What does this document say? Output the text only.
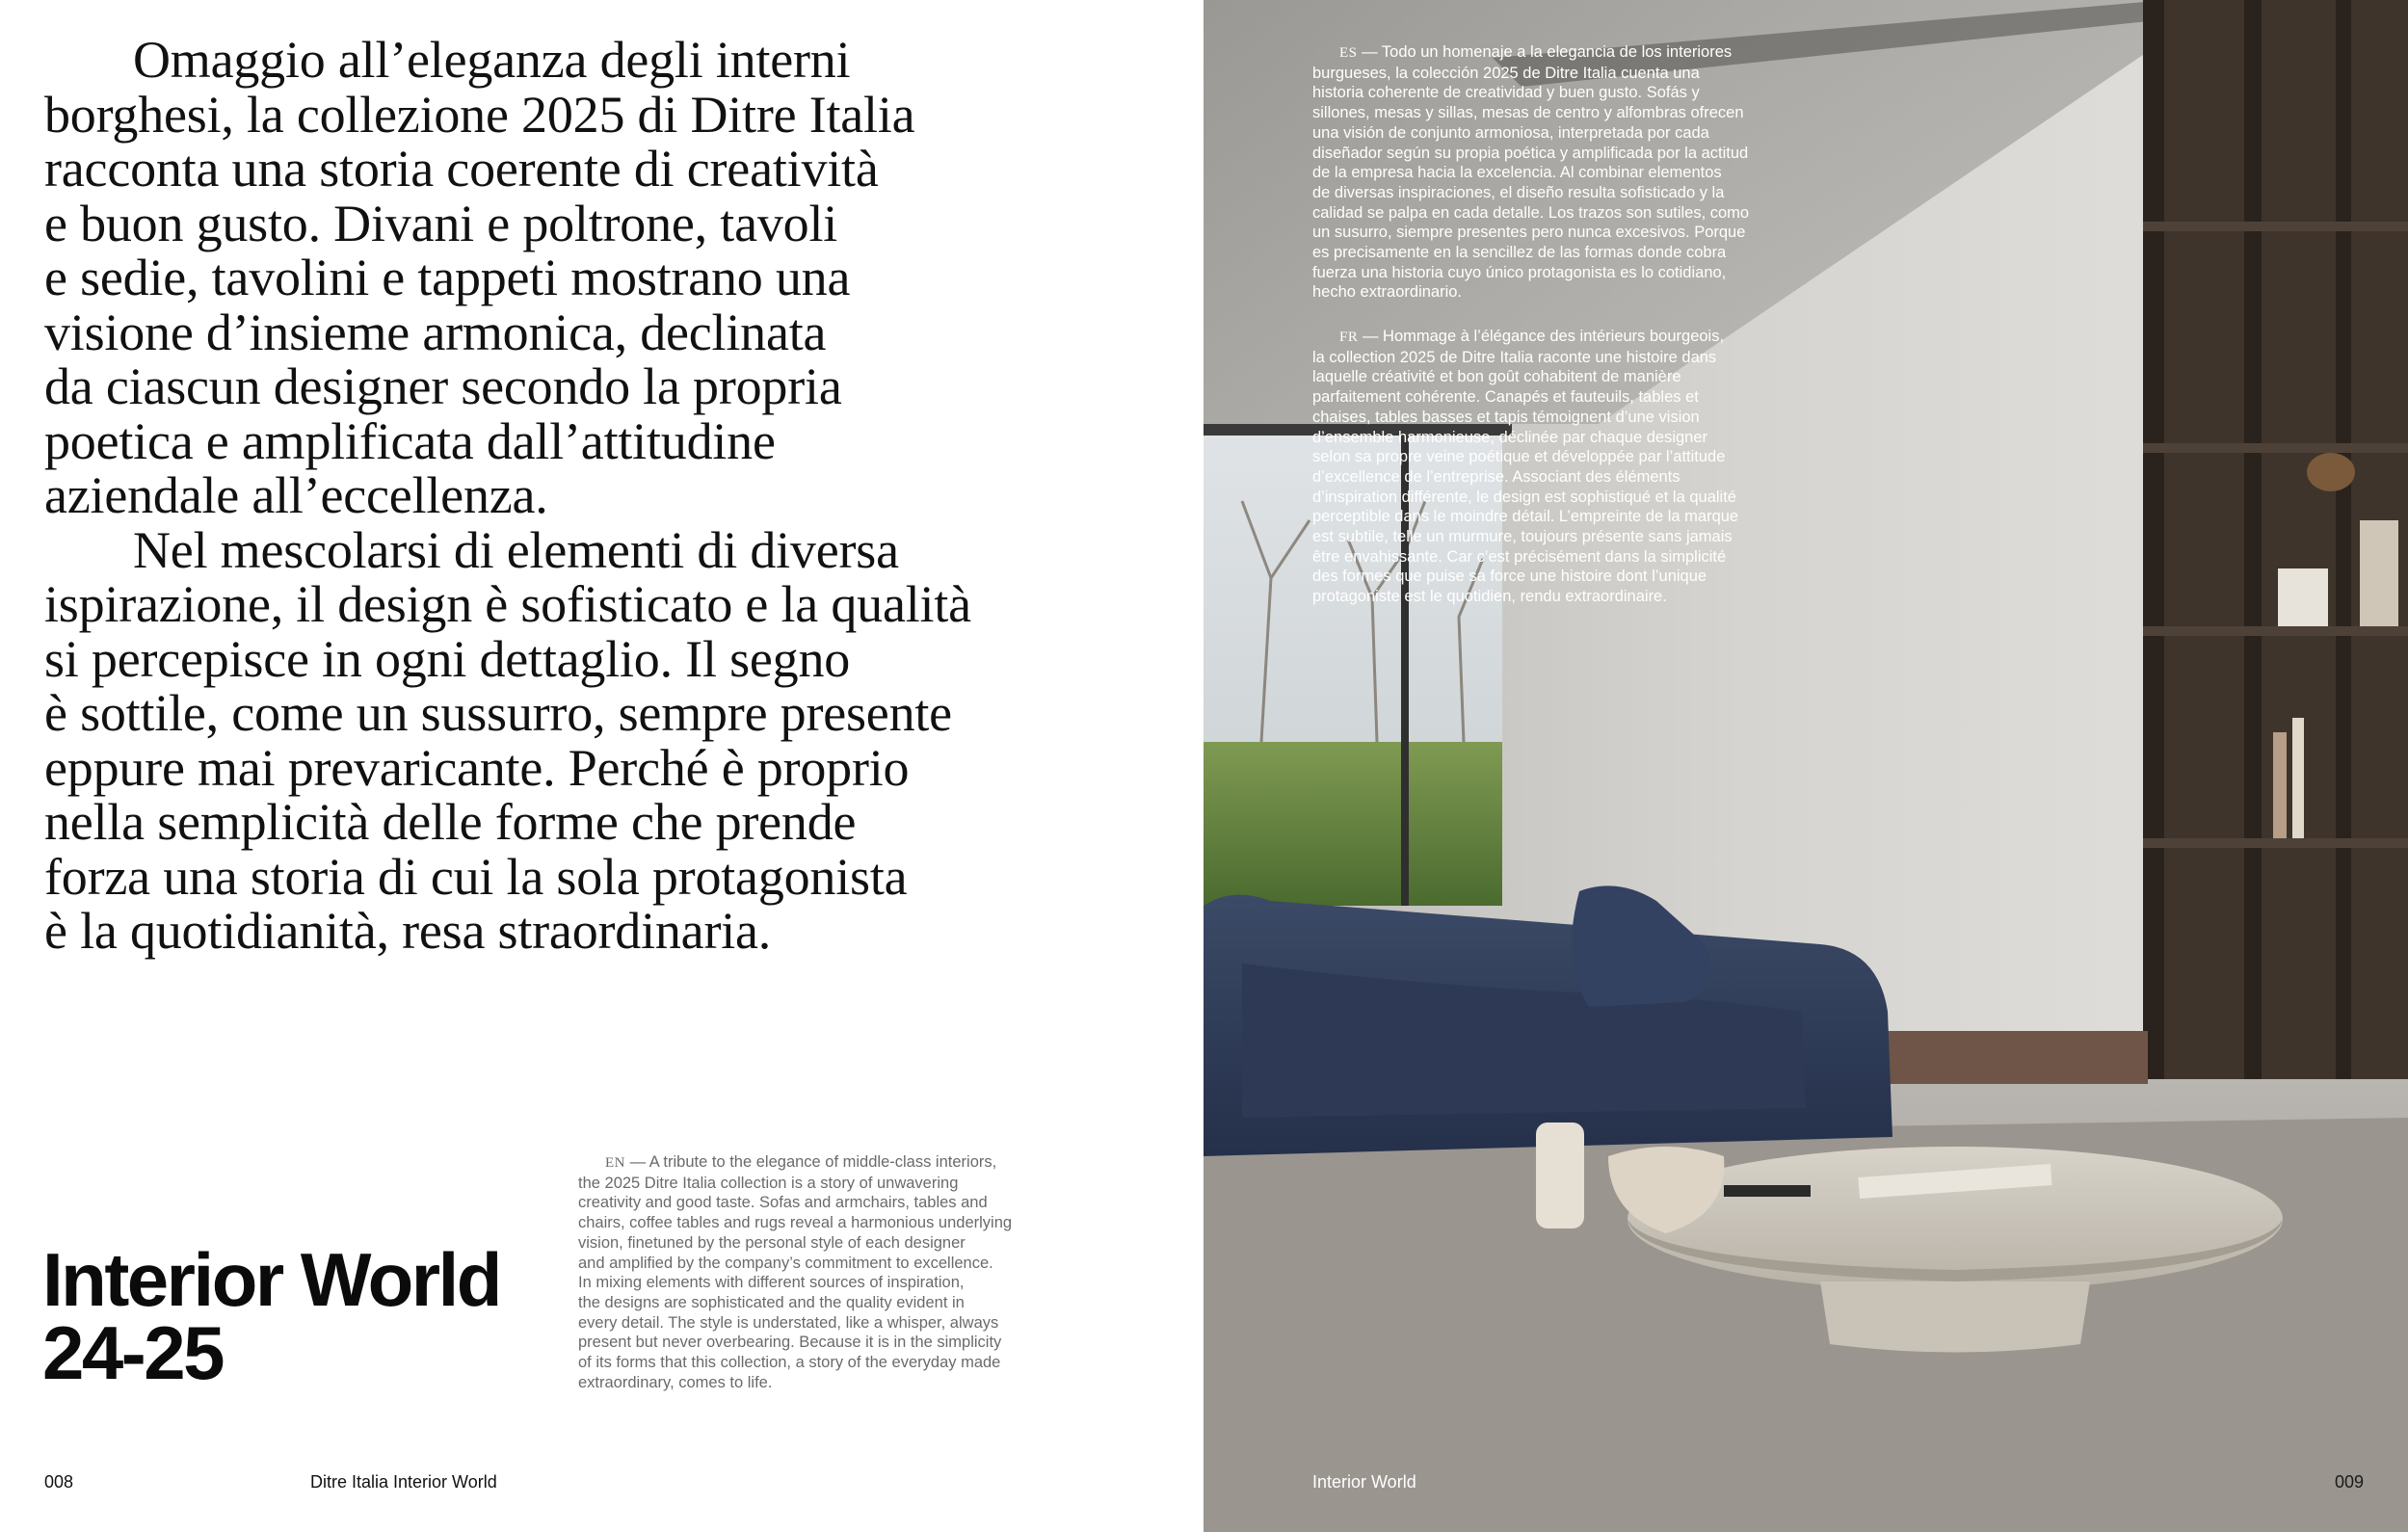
Omaggio all’eleganza degli interni
borghesi, la collezione 2025 di Ditre Italia
racconta una storia coerente di creatività
e buon gusto. Divani e poltrone, tavoli
e sedie, tavolini e tappeti mostrano una
visione d’insieme armonica, declinata
da ciascun designer secondo la propria
poetica e amplificata dall’attitudine
aziendale all’eccellenza.

Nel mescolarsi di elementi di diversa
ispirazione, il design è sofisticato e la qualità
si percepisce in ogni dettaglio. Il segno
è sottile, come un sussurro, sempre presente
eppure mai prevaricante. Perché è proprio
nella semplicità delle forme che prende
forza una storia di cui la sola protagonista
è la quotidianità, resa straordinaria.

EN — A tribute to the elegance of middle-class interiors,
the 2025 Ditre Italia collection is a story of unwavering
creativity and good taste. Sofas and armchairs, tables and
chairs, coffee tables and rugs reveal a harmonious underlying
vision, finetuned by the personal style of each designer
and amplified by the company’s commitment to excellence.
In mixing elements with different sources of inspiration,
the designs are sophisticated and the quality evident in
every detail. The style is understated, like a whisper, always
present but never overbearing. Because it is in the simplicity
of its forms that this collection, a story of the everyday made
extraordinary, comes to life.
Interior World
24-25
008	Ditre Italia Interior World
ES — Todo un homenaje a la elegancia de los interiores
burgueses, la colección 2025 de Ditre Italia cuenta una
historia coherente de creatividad y buen gusto. Sofás y
sillones, mesas y sillas, mesas de centro y alfombras ofrecen
una visión de conjunto armoniosa, interpretada por cada
diseñador según su propia poética y amplificada por la actitud
de la empresa hacia la excelencia. Al combinar elementos
de diversas inspiraciones, el diseño resulta sofisticado y la
calidad se palpa en cada detalle. Los trazos son sutiles, como
un susurro, siempre presentes pero nunca excesivos. Porque
es precisamente en la sencillez de las formas donde cobra
fuerza una historia cuyo único protagonista es lo cotidiano,
hecho extraordinario.
FR — Hommage à l’élégance des intérieurs bourgeois,
la collection 2025 de Ditre Italia raconte une histoire dans
laquelle créativité et bon goût cohabitent de manière
parfaitement cohérente. Canapés et fauteuils, tables et
chaises, tables basses et tapis témoignent d’une vision
d’ensemble harmonieuse, déclinée par chaque designer
selon sa propre veine poétique et développée par l’attitude
d’excellence de l’entreprise. Associant des éléments
d’inspiration différente, le design est sophistiqué et la qualité
perceptible dans le moindre détail. L’empreinte de la marque
est subtile, telle un murmure, toujours présente sans jamais
être envahissante. Car c’est précisément dans la simplicité
des formes que puise sa force une histoire dont l’unique
protagoniste est le quotidien, rendu extraordinaire.
Interior World	009
